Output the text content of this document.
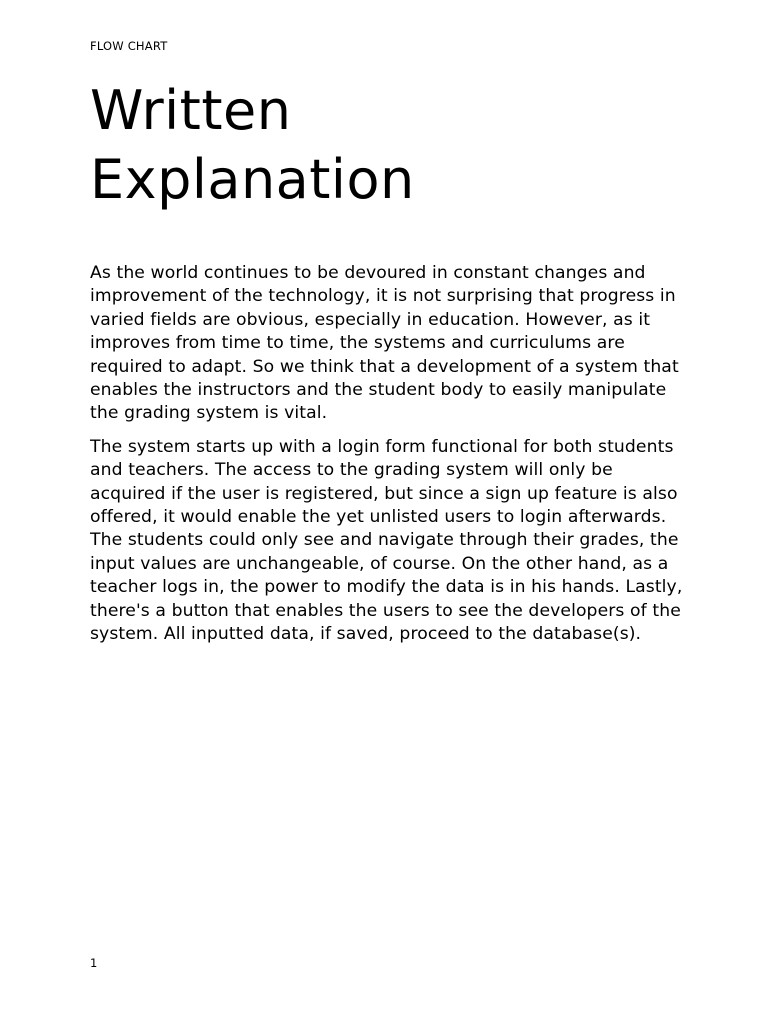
FLOW CHART
Written
Explanation

As the world continues to be devoured in constant changes and improvement of the technology, it is not surprising that progress in varied fields are obvious, especially in education. However, as it improves from time to time, the systems and curriculums are required to adapt. So we think that a development of a system that enables the instructors and the student body to easily manipulate the grading system is vital.

The system starts up with a login form functional for both students and teachers. The access to the grading system will only be acquired if the user is registered, but since a sign up feature is also offered, it would enable the yet unlisted users to login afterwards. The students could only see and navigate through their grades, the input values are unchangeable, of course. On the other hand, as a teacher logs in, the power to modify the data is in his hands. Lastly, there's a button that enables the users to see the developers of the system. All inputted data, if saved, proceed to the database(s).

1
